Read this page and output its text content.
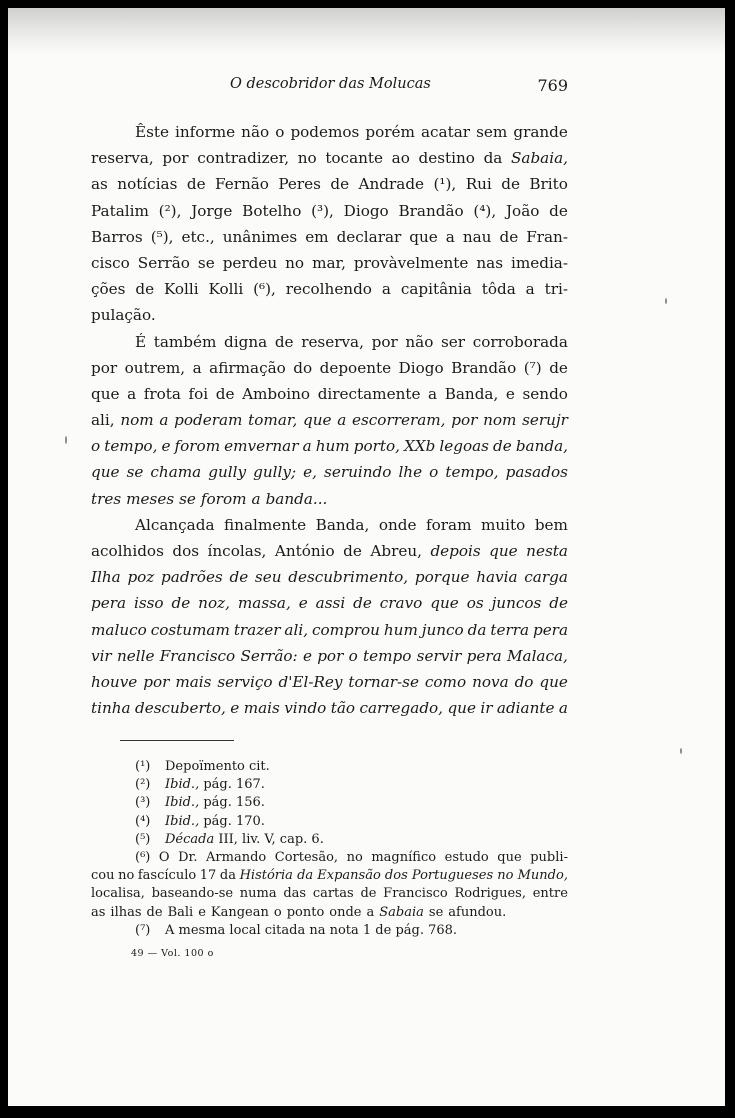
O descobridor das Molucas	769
Êste informe não o podemos porém acatar sem grande
reserva, por contradizer, no tocante ao destino da Sabaia,
as notícias de Fernão Peres de Andrade (¹), Rui de Brito
Patalim (²), Jorge Botelho (³), Diogo Brandão (⁴), João de
Barros (⁵), etc., unânimes em declarar que a nau de Fran-
cisco Serrão se perdeu no mar, provàvelmente nas imedia-
ções de Kolli Kolli (⁶), recolhendo a capitânia tôda a tri-
pulação.
É também digna de reserva, por não ser corroborada
por outrem, a afirmação do depoente Diogo Brandão (⁷) de
que a frota foi de Amboino directamente a Banda, e sendo
ali, nom a poderam tomar, que a escorreram, por nom serujr
o tempo, e forom emvernar a hum porto, XXb legoas de banda,
que se chama gully gully; e, seruindo lhe o tempo, pasados
tres meses se forom a banda...
Alcançada finalmente Banda, onde foram muito bem
acolhidos dos íncolas, António de Abreu, depois que nesta
Ilha poz padrões de seu descubrimento, porque havia carga
pera isso de noz, massa, e assi de cravo que os juncos de
maluco costumam trazer ali, comprou hum junco da terra pera
vir nelle Francisco Serrão: e por o tempo servir pera Malaca,
houve por mais serviço d'El-Rey tornar-se como nova do que
tinha descuberto, e mais vindo tão carregado, que ir adiante a
(¹) Depoïmento cit.
(²) Ibid., pág. 167.
(³) Ibid., pág. 156.
(⁴) Ibid., pág. 170.
(⁵) Década III, liv. V, cap. 6.
(⁶) O Dr. Armando Cortesão, no magnífico estudo que publi-
cou no fascículo 17 da História da Expansão dos Portugueses no Mundo,
localisa, baseando-se numa das cartas de Francisco Rodrigues, entre
as ilhas de Bali e Kangean o ponto onde a Sabaia se afundou.
(⁷) A mesma local citada na nota 1 de pág. 768.
49 — Vol. 100 o
